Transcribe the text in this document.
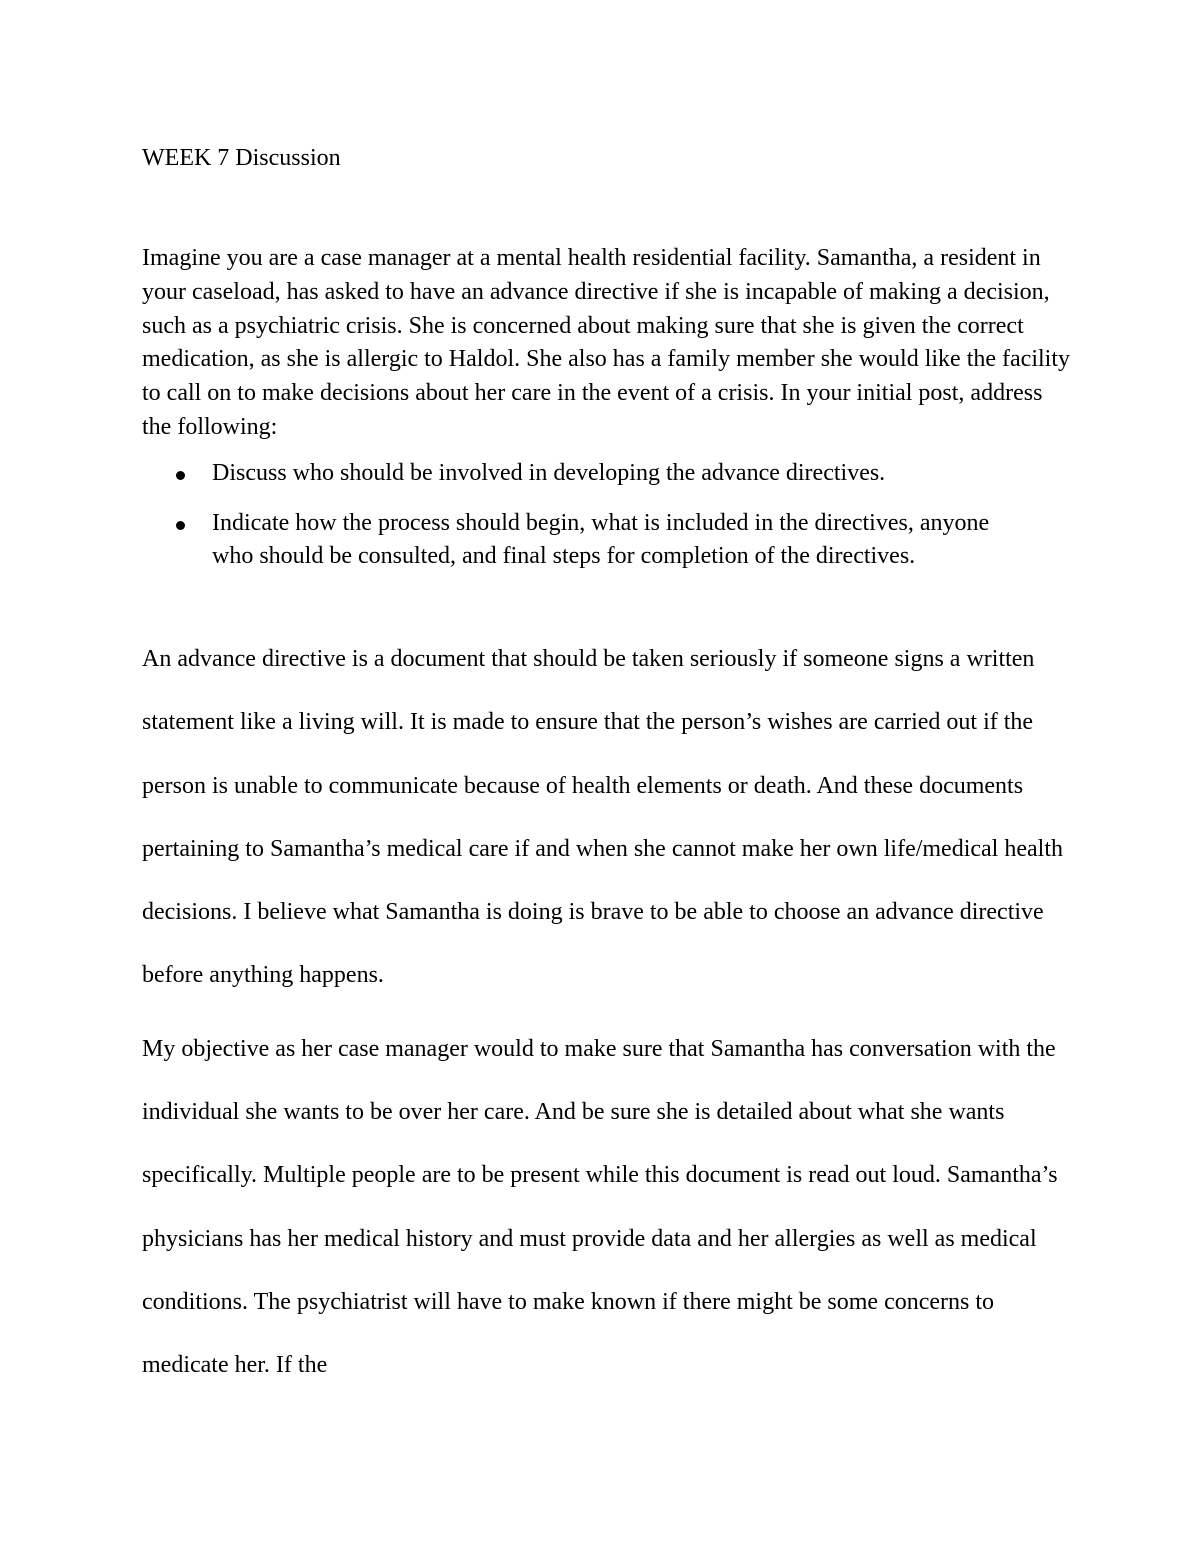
WEEK 7 Discussion

Imagine you are a case manager at a mental health residential facility. Samantha, a resident in your caseload, has asked to have an advance directive if she is incapable of making a decision, such as a psychiatric crisis. She is concerned about making sure that she is given the correct medication, as she is allergic to Haldol. She also has a family member she would like the facility to call on to make decisions about her care in the event of a crisis. In your initial post, address the following:

Discuss who should be involved in developing the advance directives.
Indicate how the process should begin, what is included in the directives, anyone who should be consulted, and final steps for completion of the directives.

An advance directive is a document that should be taken seriously if someone signs a written statement like a living will. It is made to ensure that the person’s wishes are carried out if the person is unable to communicate because of health elements or death. And these documents pertaining to Samantha’s medical care if and when she cannot make her own life/medical health decisions. I believe what Samantha is doing is brave to be able to choose an advance directive before anything happens.

My objective as her case manager would to make sure that Samantha has conversation with the individual she wants to be over her care. And be sure she is detailed about what she wants specifically. Multiple people are to be present while this document is read out loud. Samantha’s physicians has her medical history and must provide data and her allergies as well as medical conditions. The psychiatrist will have to make known if there might be some concerns to medicate her. If the
